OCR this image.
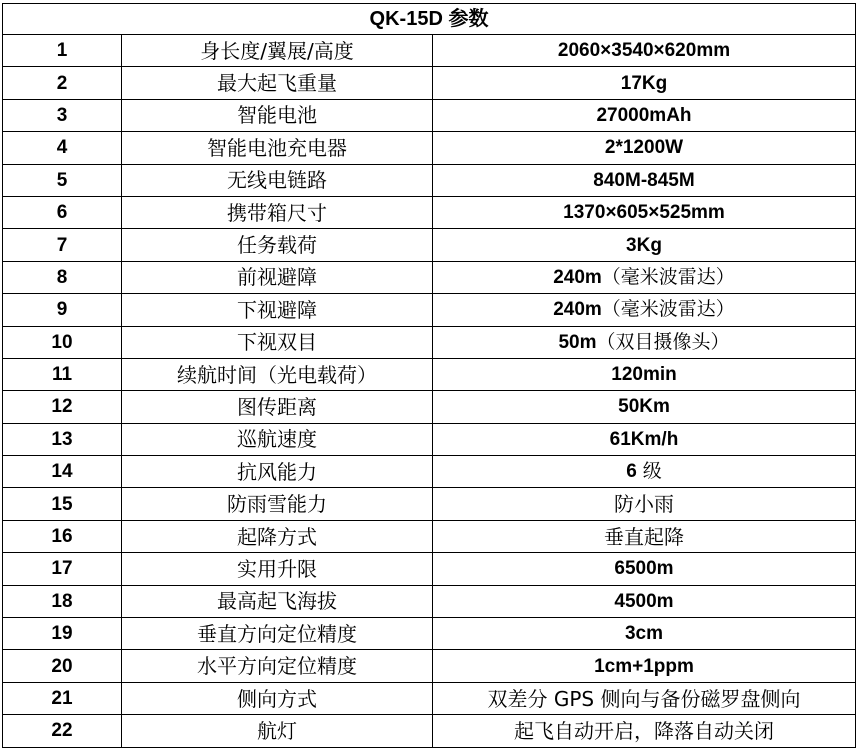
QK-15D 参数		
1	身长度/翼展/高度	2060×3540×620mm
2	最大起飞重量	17Kg
3	智能电池	27000mAh
4	智能电池充电器	2*1200W
5	无线电链路	840M-845M
6	携带箱尺寸	1370×605×525mm
7	任务载荷	3Kg
8	前视避障	240m（毫米波雷达）
9	下视避障	240m（毫米波雷达）
10	下视双目	50m（双目摄像头）
11	续航时间（光电载荷）	120min
12	图传距离	50Km
13	巡航速度	61Km/h
14	抗风能力	6 级
15	防雨雪能力	防小雨
16	起降方式	垂直起降
17	实用升限	6500m
18	最高起飞海拔	4500m
19	垂直方向定位精度	3cm
20	水平方向定位精度	1cm+1ppm
21	侧向方式	双差分 GPS 侧向与备份磁罗盘侧向
22	航灯	起飞自动开启，降落自动关闭
